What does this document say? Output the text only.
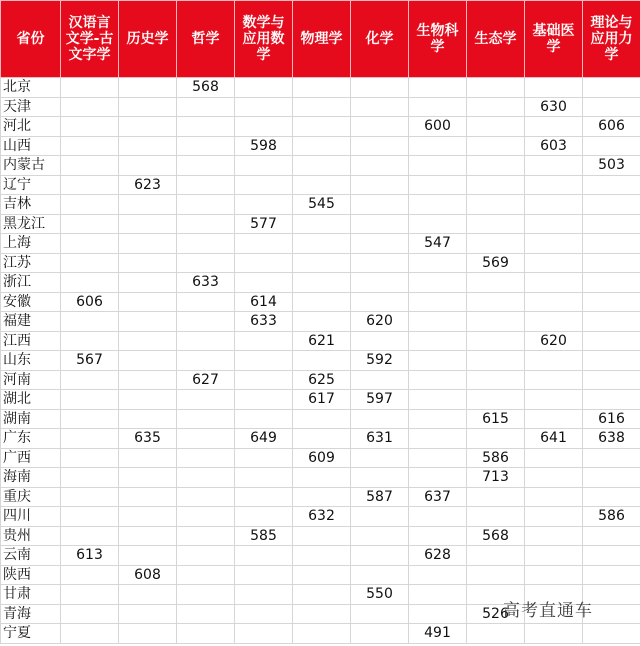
省份	汉语言文学-古文字学	历史学	哲学	数学与应用数学	物理学	化学	生物科学	生态学	基础医学	理论与应用力学
北京			568							
天津									630	
河北							600			606
山西				598					603	
内蒙古										503
辽宁		623								
吉林					545					
黑龙江				577						
上海							547			
江苏								569		
浙江			633							
安徽	606			614						
福建				633		620				
江西					621				620	
山东	567					592				
河南			627		625					
湖北					617	597				
湖南								615		616
广东		635		649		631			641	638
广西					609			586		
海南								713		
重庆						587	637			
四川					632					586
贵州				585				568		
云南	613						628			
陕西		608								
甘肃						550				
青海								526		
宁夏							491			
高考直通车
